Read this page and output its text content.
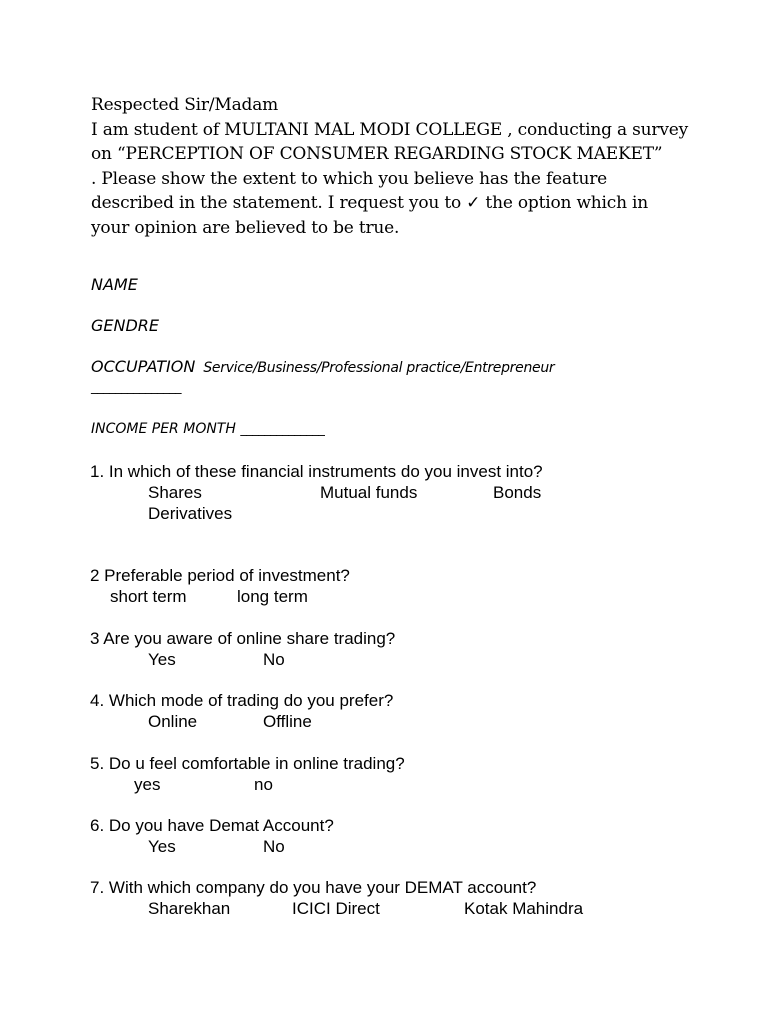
Respected Sir/Madam
I am student of MULTANI MAL MODI COLLEGE , conducting a survey
on “PERCEPTION OF CONSUMER REGARDING STOCK MAEKET”
. Please show the extent to which you believe has the feature
described in the statement. I request you to ✓ the option which in
your opinion are believed to be true.
NAME
GENDRE
OCCUPATION Service/Business/Professional practice/Entrepreneur
_______________
INCOME PER MONTH ______________
1. In which of these financial instruments do you invest into?
Shares	Mutual funds	Bonds
Derivatives
2 Preferable period of investment?
short term	long term
3 Are you aware of online share trading?
Yes	No
4. Which mode of trading do you prefer?
Online	Offline
5. Do u feel comfortable in online trading?
yes	no
6. Do you have Demat Account?
Yes	No
7. With which company do you have your DEMAT account?
Sharekhan	ICICI Direct	Kotak Mahindra
